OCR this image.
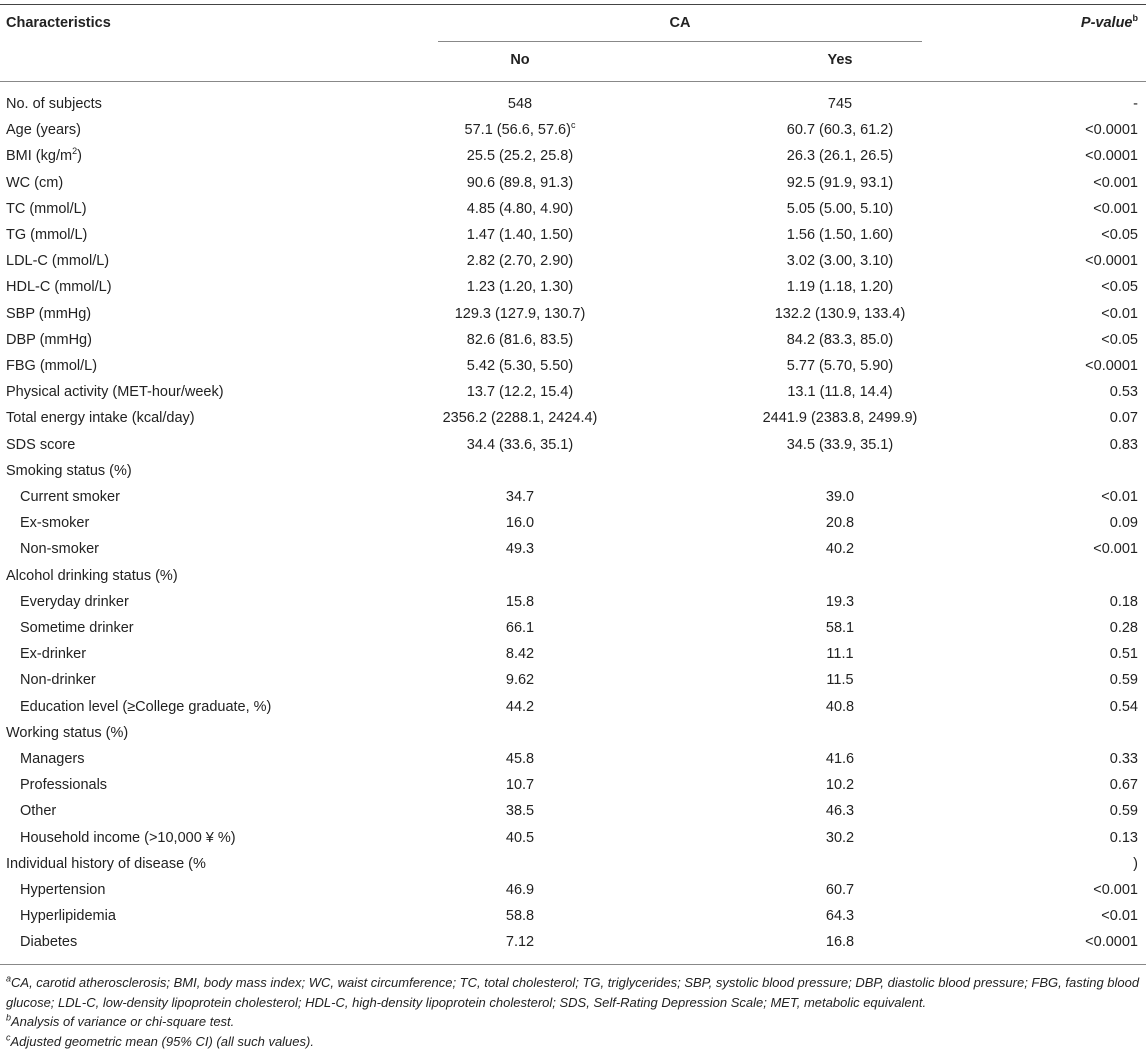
Characteristics	CA	P-value$^b$
No	Yes
No. of subjects	548	745	-
Age (years)	57.1 (56.6, 57.6)$^c$	60.7 (60.3, 61.2)	<0.0001
BMI $(kg/m^2)$	25.5 (25.2, 25.8)	26.3 (26.1, 26.5)	<0.0001
WC (cm)	90.6 (89.8, 91.3)	92.5 (91.9, 93.1)	<0.001
TC (mmol/L)	4.85 (4.80, 4.90)	5.05 (5.00, 5.10)	<0.001
TG (mmol/L)	1.47 (1.40, 1.50)	1.56 (1.50, 1.60)	<0.05
LDL-C (mmol/L)	2.82 (2.70, 2.90)	3.02 (3.00, 3.10)	<0.0001
HDL-C (mmol/L)	1.23 (1.20, 1.30)	1.19 (1.18, 1.20)	<0.05
SBP (mmHg)	129.3 (127.9, 130.7)	132.2 (130.9, 133.4)	<0.01
DBP (mmHg)	82.6 (81.6, 83.5)	84.2 (83.3, 85.0)	<0.05
FBG (mmol/L)	5.42 (5.30, 5.50)	5.77 (5.70, 5.90)	<0.0001
Physical activity (MET-hour/week)	13.7 (12.2, 15.4)	13.1 (11.8, 14.4)	0.53
Total energy intake (kcal/day)	2356.2 (2288.1, 2424.4)	2441.9 (2383.8, 2499.9)	0.07
SDS score	34.4 (33.6, 35.1)	34.5 (33.9, 35.1)	0.83
Smoking status (%)
Current smoker	34.7	39.0	<0.01
Ex-smoker	16.0	20.8	0.09
Non-smoker	49.3	40.2	<0.001
Alcohol drinking status (%)
Everyday drinker	15.8	19.3	0.18
Sometime drinker	66.1	58.1	0.28
Ex-drinker	8.42	11.1	0.51
Non-drinker	9.62	11.5	0.59
Education level (≥College graduate, %)	44.2	40.8	0.54
Working status (%)
Managers	45.8	41.6	0.33
Professionals	10.7	10.2	0.67
Other	38.5	46.3	0.59
Household income (>10,000 ¥ %)	40.5	30.2	0.13
Individual history of disease (%	)
Hypertension	46.9	60.7	<0.001
Hyperlipidemia	58.8	64.3	<0.01
Diabetes	7.12	16.8	<0.0001
$^a$CA, carotid atherosclerosis; BMI, body mass index; WC, waist circumference; TC, total cholesterol; TG, triglycerides; SBP, systolic blood pressure; DBP, diastolic blood pressure; FBG, fasting blood glucose; LDL-C, low-density lipoprotein cholesterol; HDL-C, high-density lipoprotein cholesterol; SDS, Self-Rating Depression Scale; MET, metabolic equivalent.
$^b$Analysis of variance or chi-square test.
$^c$Adjusted geometric mean (95% CI) (all such values).
